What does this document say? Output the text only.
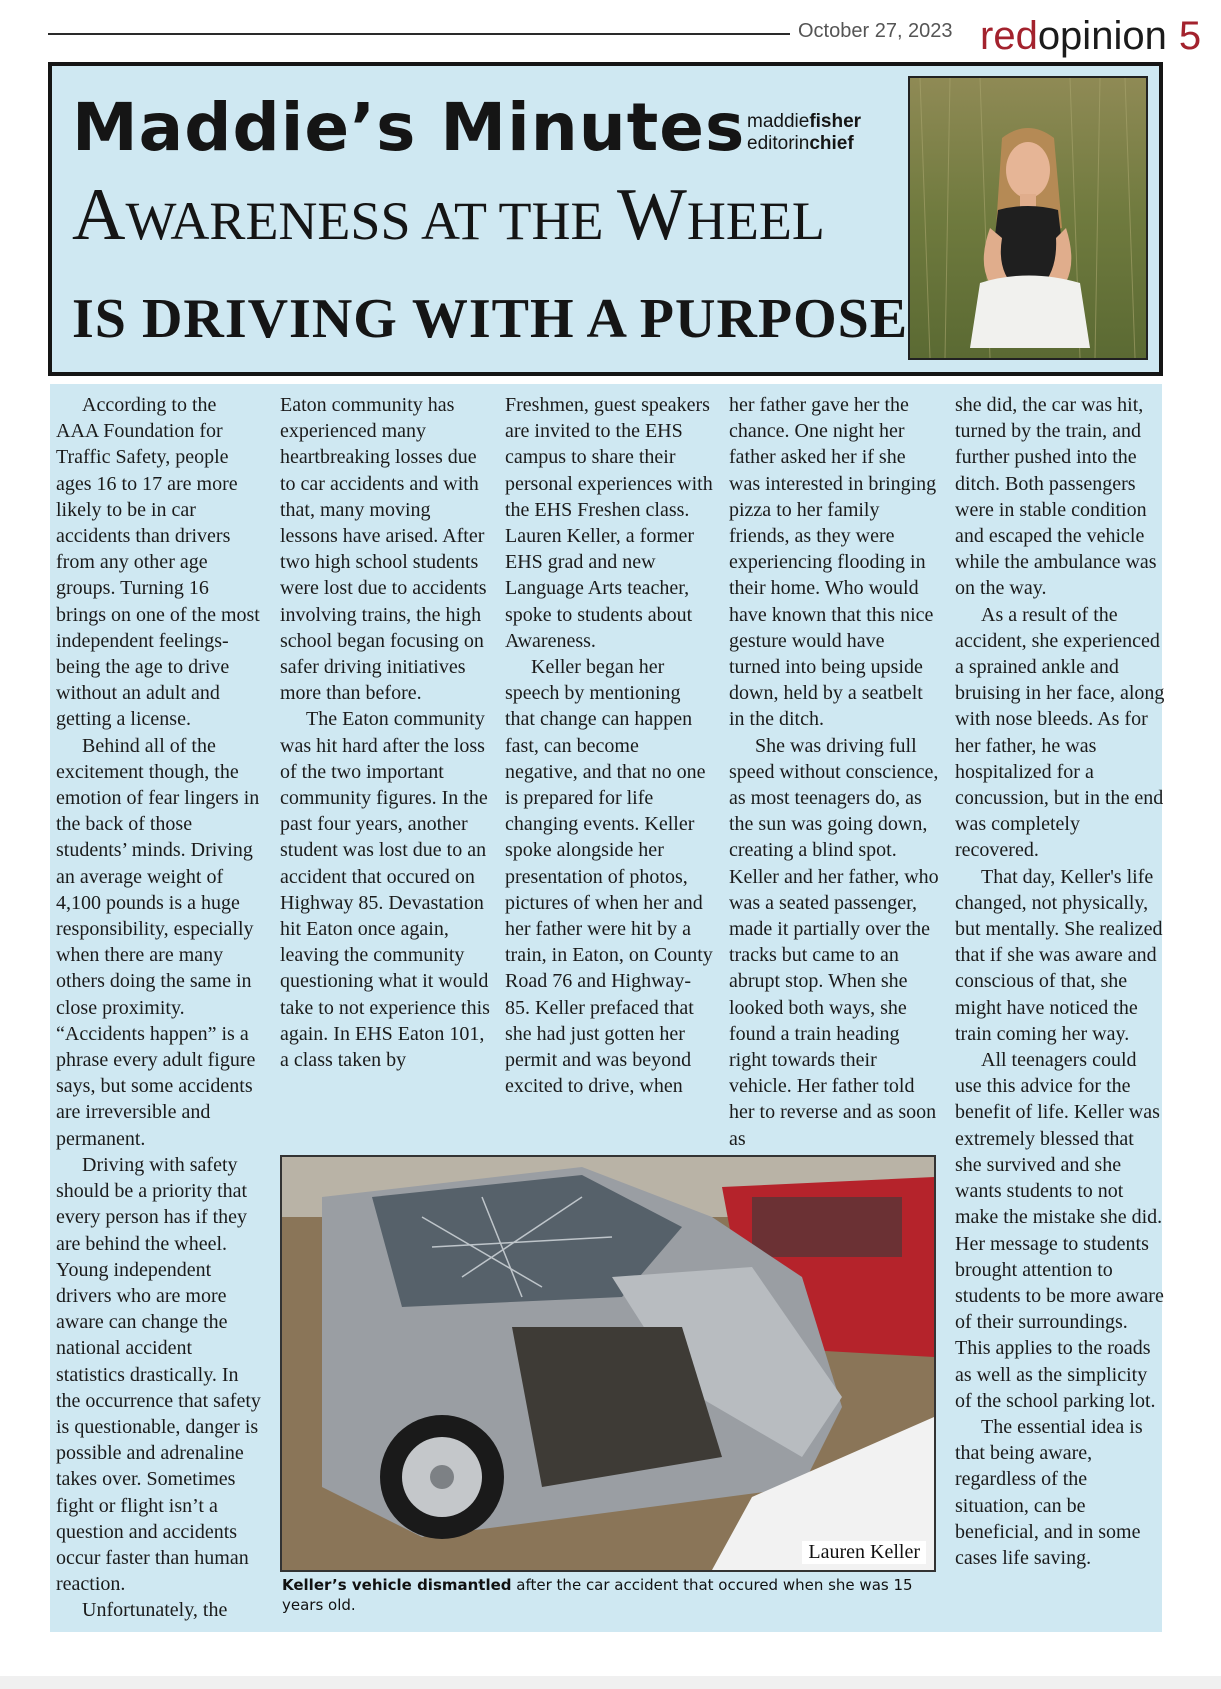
October 27, 2023 redopinion 5
Maddie’s Minutes maddiefisher
editorinchief
AWARENESS AT THE WHEEL
IS DRIVING WITH A PURPOSE

According to the AAA Foundation for Traffic Safety, people ages 16 to 17 are more likely to be in car accidents than drivers from any other age groups. Turning 16 brings on one of the most independent feelings-being the age to drive without an adult and getting a license.

Behind all of the excitement though, the emotion of fear lingers in the back of those students’ minds. Driving an average weight of 4,100 pounds is a huge responsibility, especially when there are many others doing the same in close proximity. “Accidents happen” is a phrase every adult figure says, but some accidents are irreversible and permanent.

Driving with safety should be a priority that every person has if they are behind the wheel. Young independent drivers who are more aware can change the national accident statistics drastically. In the occurrence that safety is questionable, danger is possible and adrenaline takes over. Sometimes fight or flight isn’t a question and accidents occur faster than human reaction.

Unfortunately, the

Eaton community has experienced many heartbreaking losses due to car accidents and with that, many moving lessons have arised. After two high school students were lost due to accidents involving trains, the high school began focusing on safer driving initiatives more than before.

The Eaton community was hit hard after the loss of the two important community figures. In the past four years, another student was lost due to an accident that occured on Highway 85. Devastation hit Eaton once again, leaving the community questioning what it would take to not experience this again. In EHS Eaton 101, a class taken by

Freshmen, guest speakers are invited to the EHS campus to share their personal experiences with the EHS Freshen class. Lauren Keller, a former EHS grad and new Language Arts teacher, spoke to students about Awareness.

Keller began her speech by mentioning that change can happen fast, can become negative, and that no one is prepared for life changing events. Keller spoke alongside her presentation of photos, pictures of when her and her father were hit by a train, in Eaton, on County Road 76 and Highway-85. Keller prefaced that she had just gotten her permit and was beyond excited to drive, when

her father gave her the chance. One night her father asked her if she was interested in bringing pizza to her family friends, as they were experiencing flooding in their home. Who would have known that this nice gesture would have turned into being upside down, held by a seatbelt in the ditch.

She was driving full speed without conscience, as most teenagers do, as the sun was going down, creating a blind spot. Keller and her father, who was a seated passenger, made it partially over the tracks but came to an abrupt stop. When she looked both ways, she found a train heading right towards their vehicle. Her father told her to reverse and as soon as

she did, the car was hit, turned by the train, and further pushed into the ditch. Both passengers were in stable condition and escaped the vehicle while the ambulance was on the way.

As a result of the accident, she experienced a sprained ankle and bruising in her face, along with nose bleeds. As for her father, he was hospitalized for a concussion, but in the end was completely recovered.

That day, Keller's life changed, not physically, but mentally. She realized that if she was aware and conscious of that, she might have noticed the train coming her way.

All teenagers could use this advice for the benefit of life. Keller was extremely blessed that she survived and she wants students to not make the mistake she did. Her message to students brought attention to students to be more aware of their surroundings. This applies to the roads as well as the simplicity of the school parking lot.

The essential idea is that being aware, regardless of the situation, can be beneficial, and in some cases life saving.

Lauren Keller
Keller’s vehicle dismantled after the car accident that occured when she was 15 years old.
